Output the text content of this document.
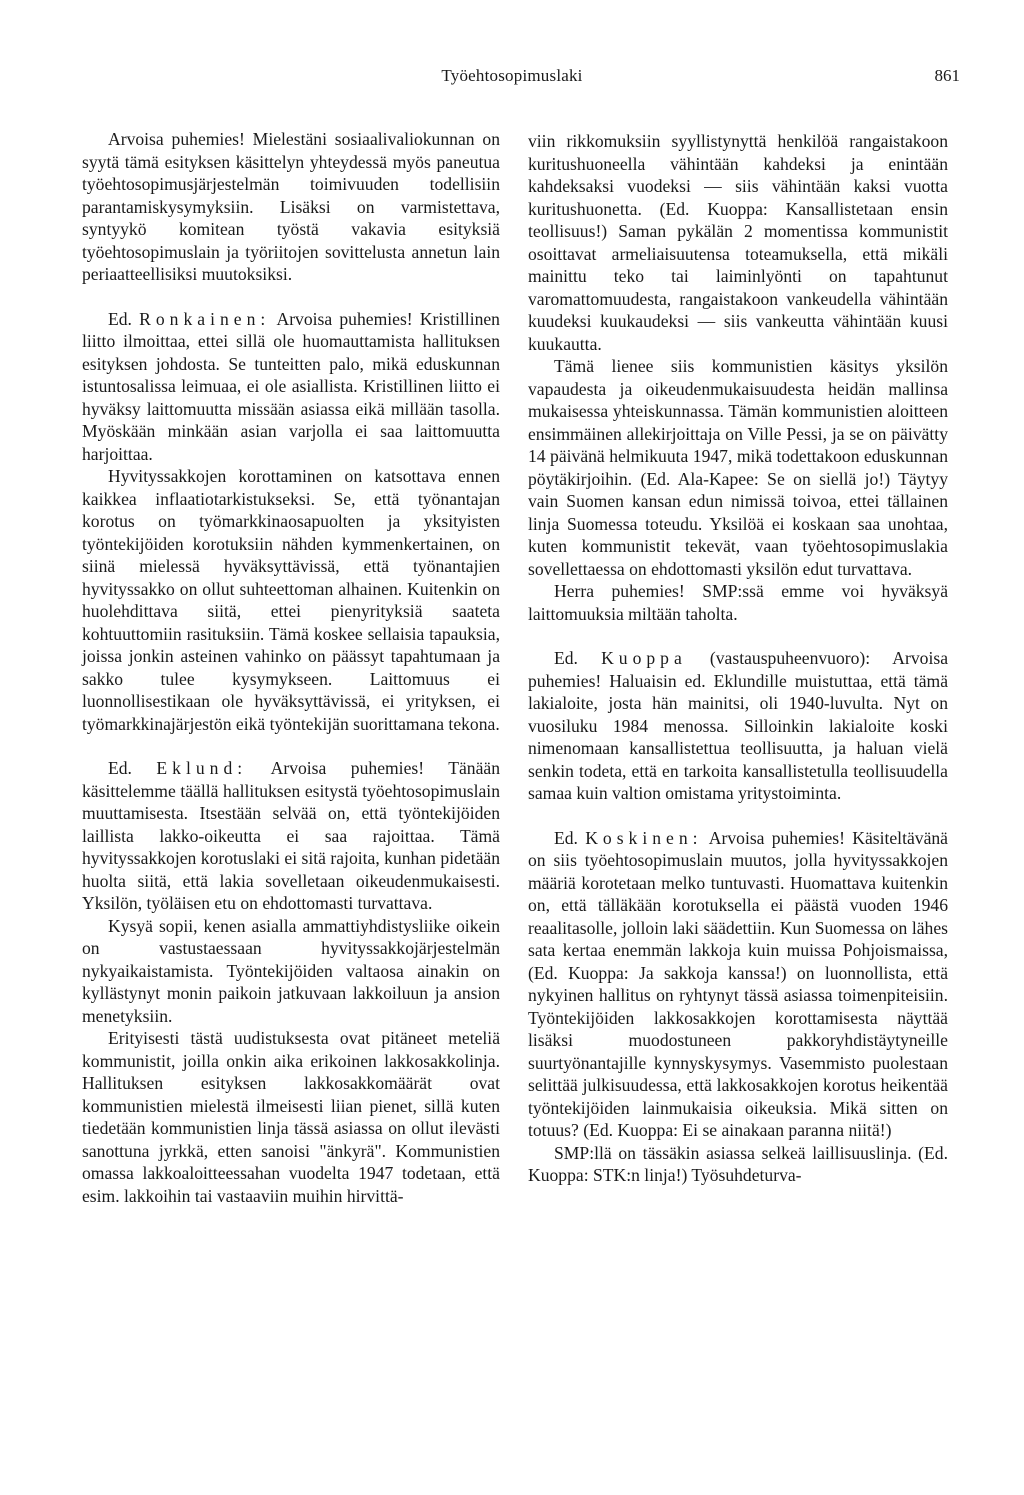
Työehtosopimuslaki	861

Arvoisa puhemies! Mielestäni sosiaalivaliokunnan on syytä tämä esityksen käsittelyn yhteydessä myös paneutua työehtosopimusjärjestelmän toimivuuden todellisiin parantamiskysymyksiin. Lisäksi on varmistettava, syntyykö komitean työstä vakavia esityksiä työehtosopimuslain ja työriitojen sovittelusta annetun lain periaatteellisiksi muutoksiksi.

Ed. Ronkainen: Arvoisa puhemies! Kristillinen liitto ilmoittaa, ettei sillä ole huomauttamista hallituksen esityksen johdosta. Se tunteitten palo, mikä eduskunnan istuntosalissa leimuaa, ei ole asiallista. Kristillinen liitto ei hyväksy laittomuutta missään asiassa eikä millään tasolla. Myöskään minkään asian varjolla ei saa laittomuutta harjoittaa.

Hyvityssakkojen korottaminen on katsottava ennen kaikkea inflaatiotarkistukseksi. Se, että työnantajan korotus on työmarkkinaosapuolten ja yksityisten työntekijöiden korotuksiin nähden kymmenkertainen, on siinä mielessä hyväksyttävissä, että työnantajien hyvityssakko on ollut suhteettoman alhainen. Kuitenkin on huolehdittava siitä, ettei pienyrityksiä saateta kohtuuttomiin rasituksiin. Tämä koskee sellaisia tapauksia, joissa jonkin asteinen vahinko on päässyt tapahtumaan ja sakko tulee kysymykseen. Laittomuus ei luonnollisestikaan ole hyväksyttävissä, ei yrityksen, ei työmarkkinajärjestön eikä työntekijän suorittamana tekona.

Ed. Eklund: Arvoisa puhemies! Tänään käsittelemme täällä hallituksen esitystä työehtosopimuslain muuttamisesta. Itsestään selvää on, että työntekijöiden laillista lakko-oikeutta ei saa rajoittaa. Tämä hyvityssakkojen korotuslaki ei sitä rajoita, kunhan pidetään huolta siitä, että lakia sovelletaan oikeudenmukaisesti. Yksilön, työläisen etu on ehdottomasti turvattava.

Kysyä sopii, kenen asialla ammattiyhdistysliike oikein on vastustaessaan hyvityssakkojärjestelmän nykyaikaistamista. Työntekijöiden valtaosa ainakin on kyllästynyt monin paikoin jatkuvaan lakkoiluun ja ansion menetyksiin.

Erityisesti tästä uudistuksesta ovat pitäneet meteliä kommunistit, joilla onkin aika erikoinen lakkosakkolinja. Hallituksen esityksen lakkosakkomäärät ovat kommunistien mielestä ilmeisesti liian pienet, sillä kuten tiedetään kommunistien linja tässä asiassa on ollut ilevästi sanottuna jyrkkä, etten sanoisi "änkyrä". Kommunistien omassa lakkoaloitteessahan vuodelta 1947 todetaan, että esim. lakkoihin tai vastaaviin muihin hirvittä-

viin rikkomuksiin syyllistynyttä henkilöä rangaistakoon kuritushuoneella vähintään kahdeksi ja enintään kahdeksaksi vuodeksi — siis vähintään kaksi vuotta kuritushuonetta. (Ed. Kuoppa: Kansallistetaan ensin teollisuus!) Saman pykälän 2 momentissa kommunistit osoittavat armeliaisuutensa toteamuksella, että mikäli mainittu teko tai laiminlyönti on tapahtunut varomattomuudesta, rangaistakoon vankeudella vähintään kuudeksi kuukaudeksi — siis vankeutta vähintään kuusi kuukautta.

Tämä lienee siis kommunistien käsitys yksilön vapaudesta ja oikeudenmukaisuudesta heidän mallinsa mukaisessa yhteiskunnassa. Tämän kommunistien aloitteen ensimmäinen allekirjoittaja on Ville Pessi, ja se on päivätty 14 päivänä helmikuuta 1947, mikä todettakoon eduskunnan pöytäkirjoihin. (Ed. Ala-Kapee: Se on siellä jo!) Täytyy vain Suomen kansan edun nimissä toivoa, ettei tällainen linja Suomessa toteudu. Yksilöä ei koskaan saa unohtaa, kuten kommunistit tekevät, vaan työehtosopimuslakia sovellettaessa on ehdottomasti yksilön edut turvattava.

Herra puhemies! SMP:ssä emme voi hyväksyä laittomuuksia miltään taholta.

Ed. Kuoppa (vastauspuheenvuoro): Arvoisa puhemies! Haluaisin ed. Eklundille muistuttaa, että tämä lakialoite, josta hän mainitsi, oli 1940-luvulta. Nyt on vuosiluku 1984 menossa. Silloinkin lakialoite koski nimenomaan kansallistettua teollisuutta, ja haluan vielä senkin todeta, että en tarkoita kansallistetulla teollisuudella samaa kuin valtion omistama yritystoiminta.

Ed. Koskinen: Arvoisa puhemies! Käsiteltävänä on siis työehtosopimuslain muutos, jolla hyvityssakkojen määriä korotetaan melko tuntuvasti. Huomattava kuitenkin on, että tälläkään korotuksella ei päästä vuoden 1946 reaalitasolle, jolloin laki säädettiin. Kun Suomessa on lähes sata kertaa enemmän lakkoja kuin muissa Pohjoismaissa, (Ed. Kuoppa: Ja sakkoja kanssa!) on luonnollista, että nykyinen hallitus on ryhtynyt tässä asiassa toimenpiteisiin. Työntekijöiden lakkosakkojen korottamisesta näyttää lisäksi muodostuneen pakkoryhdistäytyneille suurtyönantajille kynnyskysymys. Vasemmisto puolestaan selittää julkisuudessa, että lakkosakkojen korotus heikentää työntekijöiden lainmukaisia oikeuksia. Mikä sitten on totuus? (Ed. Kuoppa: Ei se ainakaan paranna niitä!)

SMP:llä on tässäkin asiassa selkeä laillisuuslinja. (Ed. Kuoppa: STK:n linja!) Työsuhdeturva-
